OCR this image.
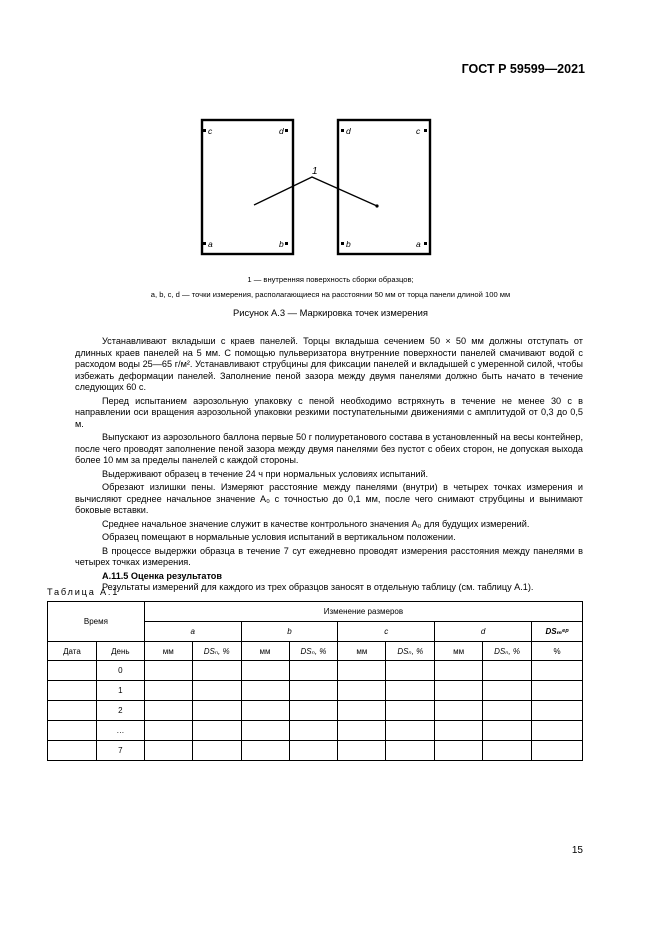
ГОСТ Р 59599—2021
c	d
a	b
d	c
b	a
1
1 — внутренняя поверхность сборки образцов;
a, b, c, d — точки измерения, располагающиеся на расстоянии 50 мм от торца панели длиной 100 мм
Рисунок А.3 — Маркировка точек измерения

Устанавливают вкладыши с краев панелей. Торцы вкладыша сечением 50 × 50 мм должны отступать от длинных краев панелей на 5 мм. С помощью пульверизатора внутренние поверхности панелей смачивают водой с расходом воды 25—65 г/м². Устанавливают струбцины для фиксации панелей и вкладышей с умеренной силой, чтобы избежать деформации панелей. Заполнение пеной зазора между двумя панелями должно быть начато в течение следующих 60 с.

Перед испытанием аэрозольную упаковку с пеной необходимо встряхнуть в течение не менее 30 с в направлении оси вращения аэрозольной упаковки резкими поступательными движениями с амплитудой от 0,3 до 0,5 м.

Выпускают из аэрозольного баллона первые 50 г полиуретанового состава в установленный на весы контейнер, после чего проводят заполнение пеной зазора между двумя панелями без пустот с обеих сторон, не допуская выхода более 10 мм за пределы панелей с каждой стороны.

Выдерживают образец в течение 24 ч при нормальных условиях испытаний.

Обрезают излишки пены. Измеряют расстояние между панелями (внутри) в четырех точках измерения и вычисляют среднее начальное значение A₀ с точностью до 0,1 мм, после чего снимают струбцины и вынимают боковые вставки.

Среднее начальное значение служит в качестве контрольного значения A₀ для будущих измерений.

Образец помещают в нормальные условия испытаний в вертикальном положении.

В процессе выдержки образца в течение 7 сут ежедневно проводят измерения расстояния между панелями в четырех точках измерения.

А.11.5 Оценка результатов

Результаты измерений для каждого из трех образцов заносят в отдельную таблицу (см. таблицу А.1).

Таблица А.1
Время		Изменение размеров								
		a		b		c		d		DSₘᵉᵖ
Дата	День	мм	DSₙ, %	мм	DSₙ, %	мм	DSₙ, %	мм	DSₙ, %	%
	0									
	1									
	2									
	…									
	7									
15
